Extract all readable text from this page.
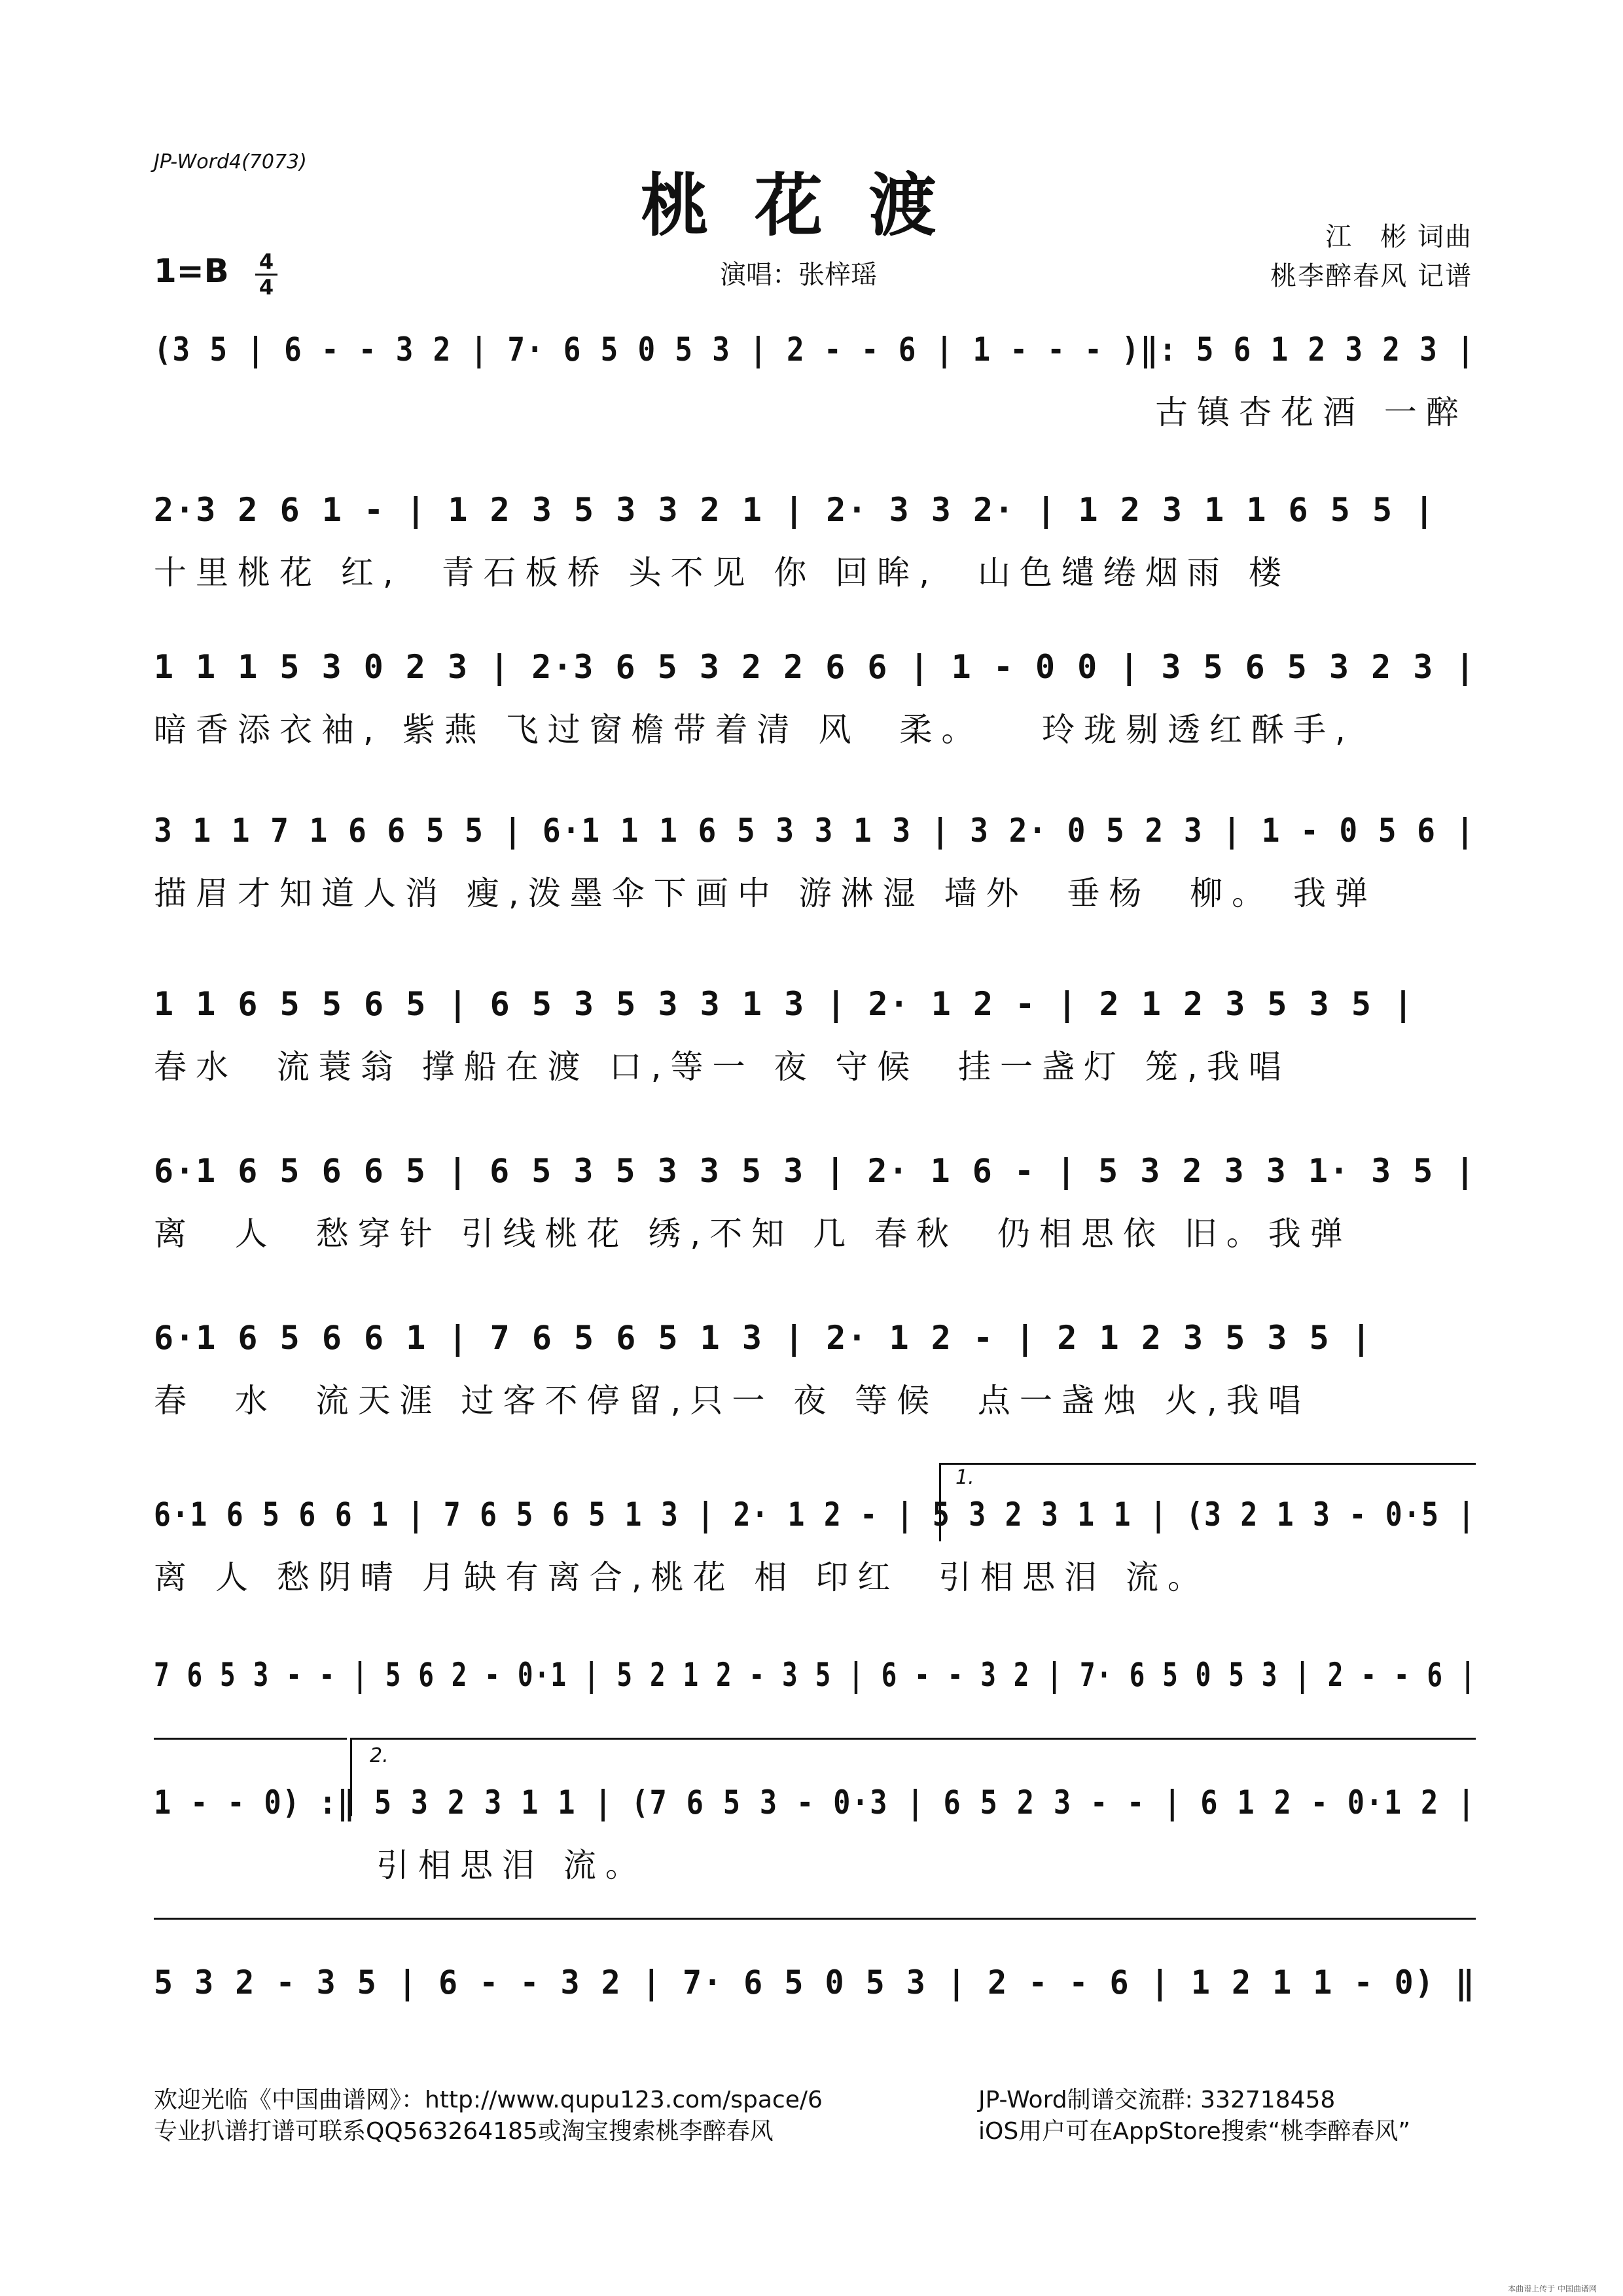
JP-Word4(7073)
桃花渡
1=B 4
4	演唱：张梓瑶
江　彬 词曲
桃李醉春风 记谱
(3 5 | 6 - - 3 2 | 7· 6 5 0 5 3 | 2 - - 6 | 1 - - - )‖: 5 6 1 2 3 2 3 |
古镇杏花酒 一醉
2·3 2 6 1 - | 1 2 3 5 3 3 2 1 | 2· 3 3 2· | 1 2 3 1 1 6 5 5 |
十里桃花 红,  青石板桥 头不见 你 回眸,  山色缱绻烟雨 楼
1 1 1 5 3 0 2 3 | 2·3 6 5 3 2 2 6 6 | 1 - 0 0 | 3 5 6 5 3 2 3 |
暗香添衣袖, 紫燕 飞过窗檐带着清 风  柔。   玲珑剔透红酥手,
3 1 1 7 1 6 6 5 5 | 6·1 1 1 6 5 3 3 1 3 | 3 2· 0 5 2 3 | 1 - 0 5 6 |
描眉才知道人消 瘦,泼墨伞下画中 游淋湿 墙外  垂杨  柳。 我弹
1 1 6 5 5 6 5 | 6 5 3 5 3 3 1 3 | 2· 1 2 - | 2 1 2 3 5 3 5 |
春水  流蓑翁 撑船在渡 口,等一 夜 守候  挂一盏灯 笼,我唱
6·1 6 5 6 6 5 | 6 5 3 5 3 3 5 3 | 2· 1 6 - | 5 3 2 3 3 1· 3 5 |
离  人  愁穿针 引线桃花 绣,不知 几 春秋  仍相思依 旧。我弹
6·1 6 5 6 6 1 | 7 6 5 6 5 1 3 | 2· 1 2 - | 2 1 2 3 5 3 5 |
春  水  流天涯 过客不停留,只一 夜 等候  点一盏烛 火,我唱
1.
6·1 6 5 6 6 1 | 7 6 5 6 5 1 3 | 2· 1 2 - | 5 3 2 3 1 1 | (3 2 1 3 - 0·5 |
离 人 愁阴晴 月缺有离合,桃花 相 印红  引相思泪 流。
7 6 5 3 - - | 5 6 2 - 0·1 | 5 2 1 2 - 3 5 | 6 - - 3 2 | 7· 6 5 0 5 3 | 2 - - 6 |
2.
1 - - 0) :‖ 5 3 2 3 1 1 | (7 6 5 3 - 0·3 | 6 5 2 3 - - | 6 1 2 - 0·1 2 |
引相思泪 流。
5 3 2 - 3 5 | 6 - - 3 2 | 7· 6 5 0 5 3 | 2 - - 6 | 1 2 1 1 - 0) ‖
欢迎光临《中国曲谱网》：http://www.qupu123.com/space/6
专业扒谱打谱可联系QQ563264185或淘宝搜索桃李醉春风
JP-Word制谱交流群: 332718458
iOS用户可在AppStore搜索“桃李醉春风”
本曲谱上传于 中国曲谱网
